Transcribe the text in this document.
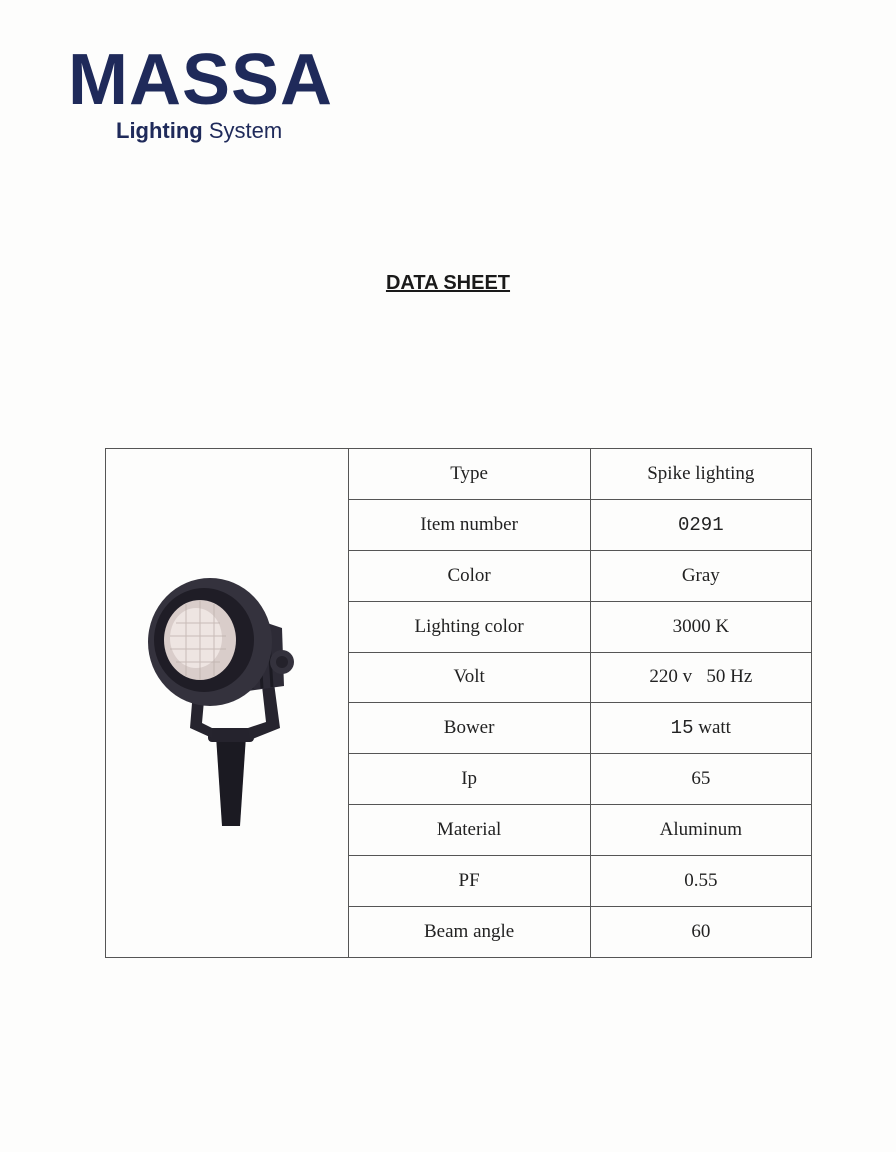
MASSA
Lighting System
DATA SHEET
	Type	Spike lighting
	Item number	0291
	Color	Gray
	Lighting color	3000 K
	Volt	220 v   50 Hz
	Bower	15 watt
	Ip	65
	Material	Aluminum
	PF	0.55
	Beam angle	60
